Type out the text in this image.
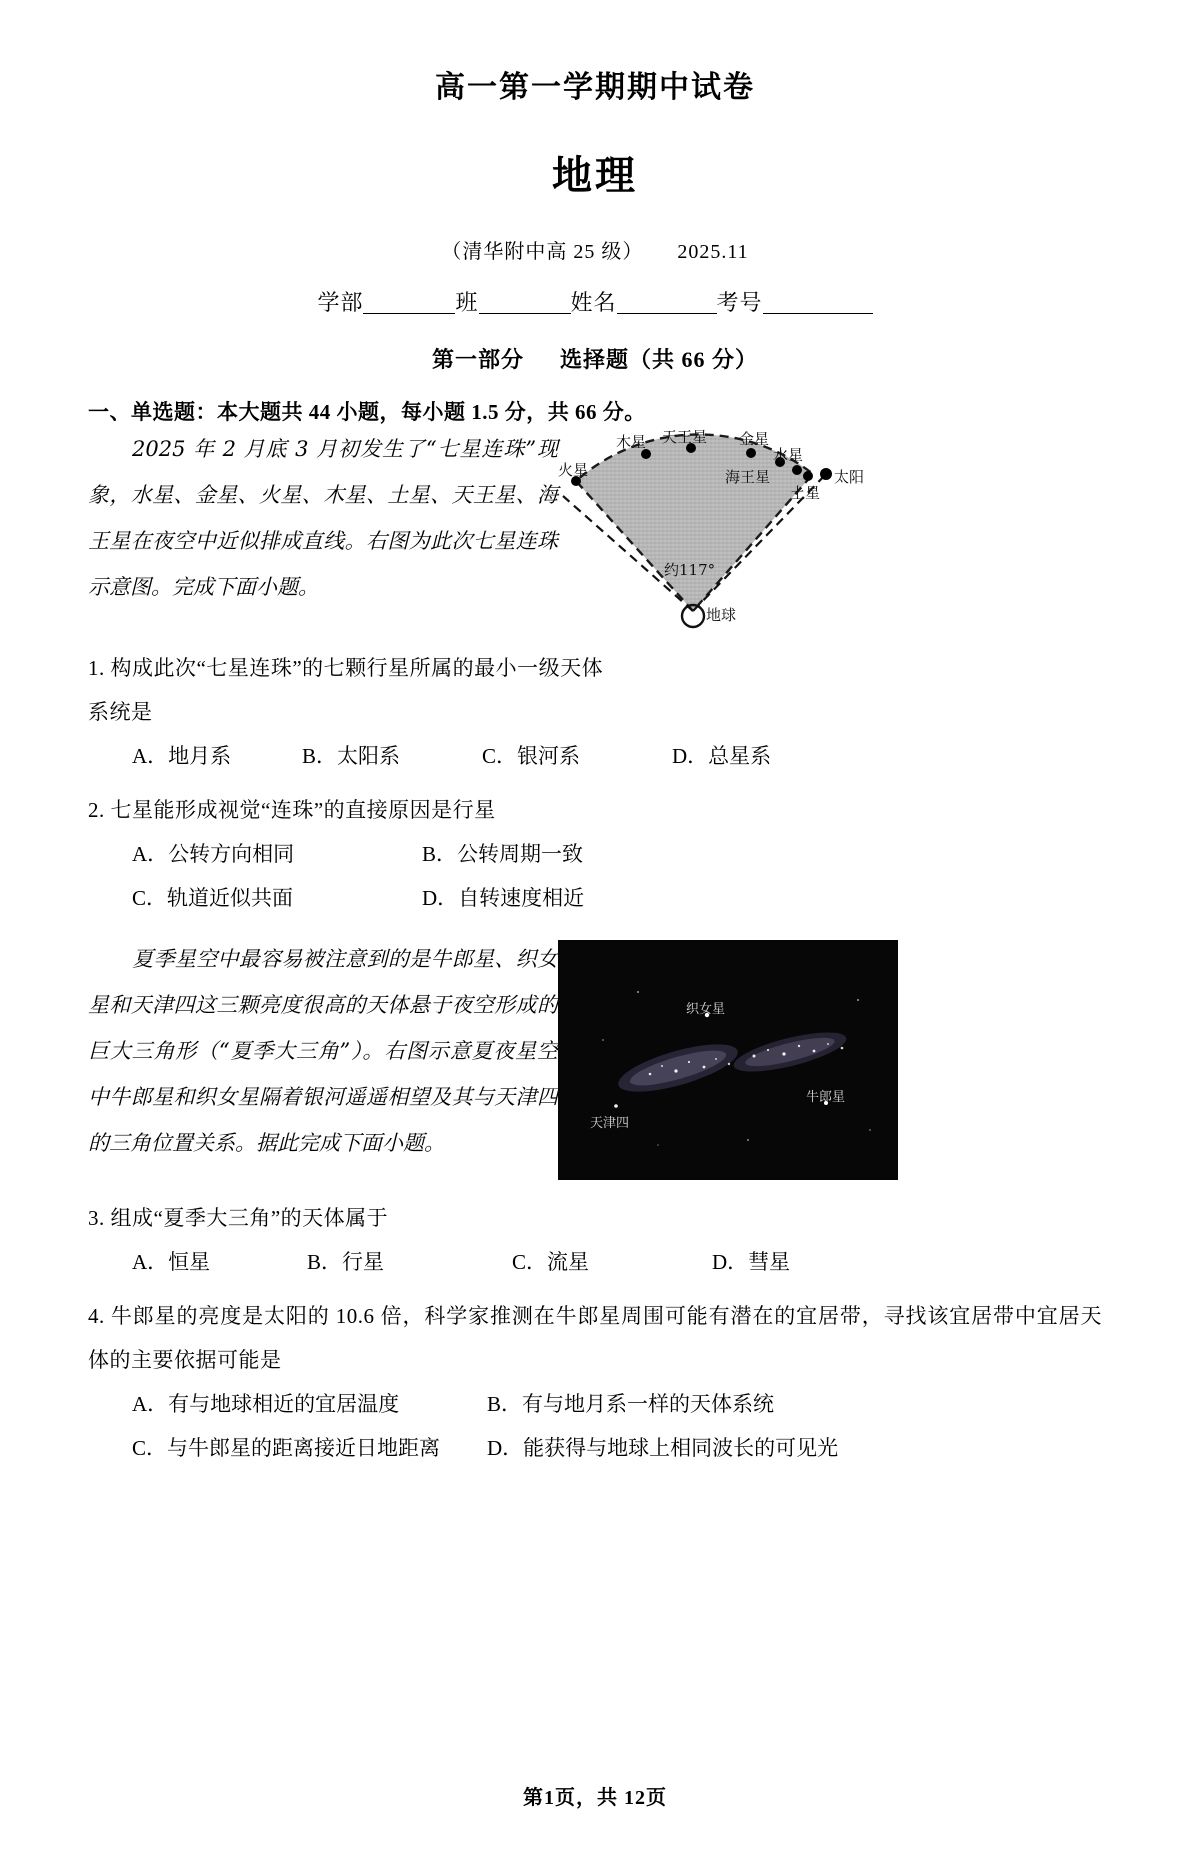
高一第一学期期中试卷
地理
（清华附中高 25 级） 2025.11
学部	班	姓名	考号
第一部分 选择题（共 66 分）
一、单选题：本大题共 44 小题，每小题 1.5 分，共 66 分。
2025 年 2 月底 3 月初发生了“七星连珠”现象，水星、金星、火星、木星、土星、天王星、海王星在夜空中近似排成直线。右图为此次七星连珠示意图。完成下面小题。
火星
木星 天王星 金星
水星
海王星
土星
太阳
约117°
地球
1. 构成此次“七星连珠”的七颗行星所属的最小一级天体系统是
A．地月系	B．太阳系	C．银河系	D．总星系
2. 七星能形成视觉“连珠”的直接原因是行星
A．公转方向相同	B．公转周期一致
C．轨道近似共面	D．自转速度相近
夏季星空中最容易被注意到的是牛郎星、织女星和天津四这三颗亮度很高的天体悬于夜空形成的巨大三角形（“夏季大三角”）。右图示意夏夜星空中牛郎星和织女星隔着银河遥遥相望及其与天津四的三角位置关系。据此完成下面小题。
织女星
天津四
牛郎星
3. 组成“夏季大三角”的天体属于
A．恒星	B．行星	C．流星	D．彗星
4. 牛郎星的亮度是太阳的 10.6 倍，科学家推测在牛郎星周围可能有潜在的宜居带，寻找该宜居带中宜居天体的主要依据可能是
A．有与地球相近的宜居温度	B．有与地月系一样的天体系统
C．与牛郎星的距离接近日地距离	D．能获得与地球上相同波长的可见光
第1页，共 12页
